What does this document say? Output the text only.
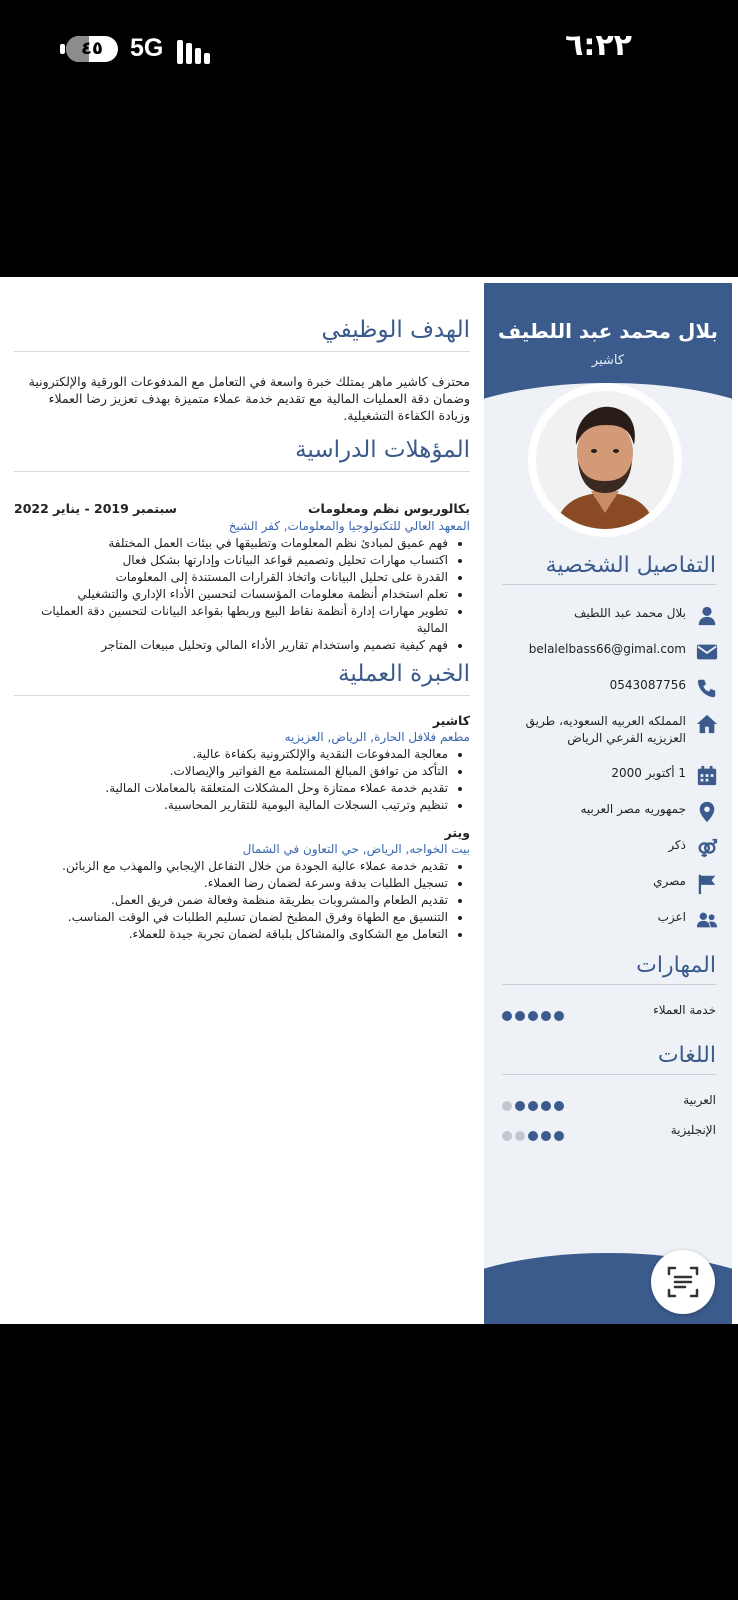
٤٥	5G	٦:٢٢
الهدف الوظيفي
محترف كاشير ماهر يمتلك خبرة واسعة في التعامل مع المدفوعات الورقية والإلكترونية وضمان دقة العمليات المالية مع تقديم خدمة عملاء متميزة بهدف تعزيز رضا العملاء وزيادة الكفاءة التشغيلية.
المؤهلات الدراسية
بكالوريوس نظم ومعلومات
سبتمبر 2019 - يناير 2022
المعهد العالي للتكنولوجيا والمعلومات, كفر الشيخ
• فهم عميق لمبادئ نظم المعلومات وتطبيقها في بيئات العمل المختلفة
• اكتساب مهارات تحليل وتصميم قواعد البيانات وإدارتها بشكل فعال
• القدرة على تحليل البيانات واتخاذ القرارات المستندة إلى المعلومات
• تعلم استخدام أنظمة معلومات المؤسسات لتحسين الأداء الإداري والتشغيلي
• تطوير مهارات إدارة أنظمة نقاط البيع وربطها بقواعد البيانات لتحسين دقة العمليات المالية
• فهم كيفية تصميم واستخدام تقارير الأداء المالي وتحليل مبيعات المتاجر
الخبرة العملية
كاشير
مطعم فلافل الحارة, الرياض, العزيزيه
• معالجة المدفوعات النقدية والإلكترونية بكفاءة عالية.
• التأكد من توافق المبالغ المستلمة مع الفواتير والإيصالات.
• تقديم خدمة عملاء ممتازة وحل المشكلات المتعلقة بالمعاملات المالية.
• تنظيم وترتيب السجلات المالية اليومية للتقارير المحاسبية.
ويتر
بيت الخواجه, الرياض, حي التعاون في الشمال
• تقديم خدمة عملاء عالية الجودة من خلال التفاعل الإيجابي والمهذب مع الزبائن.
• تسجيل الطلبات بدقة وسرعة لضمان رضا العملاء.
• تقديم الطعام والمشروبات بطريقة منظمة وفعالة ضمن فريق العمل.
• التنسيق مع الطهاة وفرق المطبخ لضمان تسليم الطلبات في الوقت المناسب.
• التعامل مع الشكاوى والمشاكل بلباقة لضمان تجربة جيدة للعملاء.
بلال محمد عبد اللطيف
كاشير
التفاصيل الشخصية
بلال محمد عبد اللطيف
belalelbass66@gimal.com
0543087756
المملكه العربيه السعوديه، طريق العزيزيه الفرعي الرياض
1 أكتوبر 2000
جمهوريه مصر العربيه
ذكر
مصري
اعزب
المهارات
خدمة العملاء
اللغات
العربية
الإنجليزية
